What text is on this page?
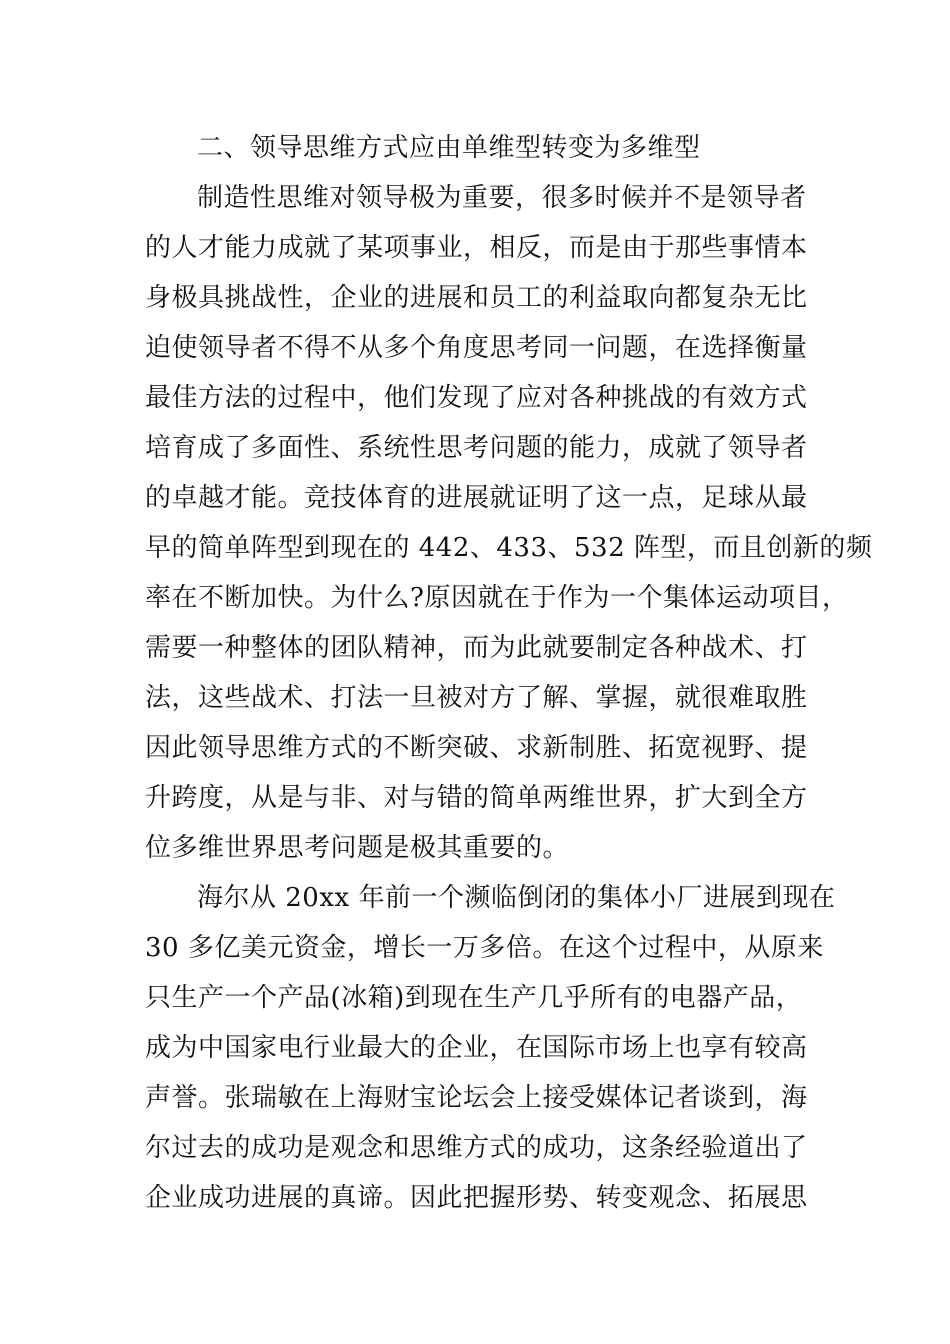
二、领导思维方式应由单维型转变为多维型
制造性思维对领导极为重要，很多时候并不是领导者
的人才能力成就了某项事业，相反，而是由于那些事情本
身极具挑战性，企业的进展和员工的利益取向都复杂无比
迫使领导者不得不从多个角度思考同一问题，在选择衡量
最佳方法的过程中，他们发现了应对各种挑战的有效方式
培育成了多面性、系统性思考问题的能力，成就了领导者
的卓越才能。竞技体育的进展就证明了这一点，足球从最
早的简单阵型到现在的 442、433、532 阵型，而且创新的频
率在不断加快。为什么?原因就在于作为一个集体运动项目，
需要一种整体的团队精神，而为此就要制定各种战术、打
法，这些战术、打法一旦被对方了解、掌握，就很难取胜
因此领导思维方式的不断突破、求新制胜、拓宽视野、提
升跨度，从是与非、对与错的简单两维世界，扩大到全方
位多维世界思考问题是极其重要的。
海尔从 20xx 年前一个濒临倒闭的集体小厂进展到现在
30 多亿美元资金，增长一万多倍。在这个过程中，从原来
只生产一个产品(冰箱)到现在生产几乎所有的电器产品，
成为中国家电行业最大的企业，在国际市场上也享有较高
声誉。张瑞敏在上海财宝论坛会上接受媒体记者谈到，海
尔过去的成功是观念和思维方式的成功，这条经验道出了
企业成功进展的真谛。因此把握形势、转变观念、拓展思
